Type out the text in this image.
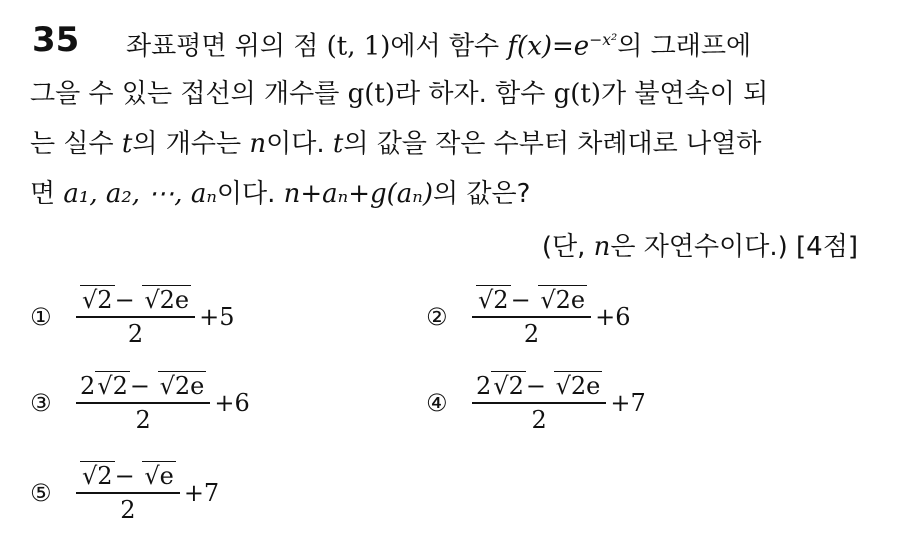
35 좌표평면 위의 점 (t, 1)에서 함수 $f(x)=e^{-x^2}$의 그래프에
그을 수 있는 접선의 개수를 g(t)라 하자. 함수 g(t)가 불연속이 되
는 실수 t의 개수는 n이다. t의 값을 작은 수부터 차례대로 나열하
면 a₁, a₂, ⋯, aₙ이다. n+aₙ+g(aₙ)의 값은?
(단, n은 자연수이다.) [4점]
①	$\frac{√2- √2e}{2} +5$	②	$\frac{√2- √2e}{2} +6$
③	$\frac{2√2- √2e}{2} +6$	④	$\frac{2√2- √2e}{2} +7$
⑤	$\frac{√2- √e}{2} +7$
